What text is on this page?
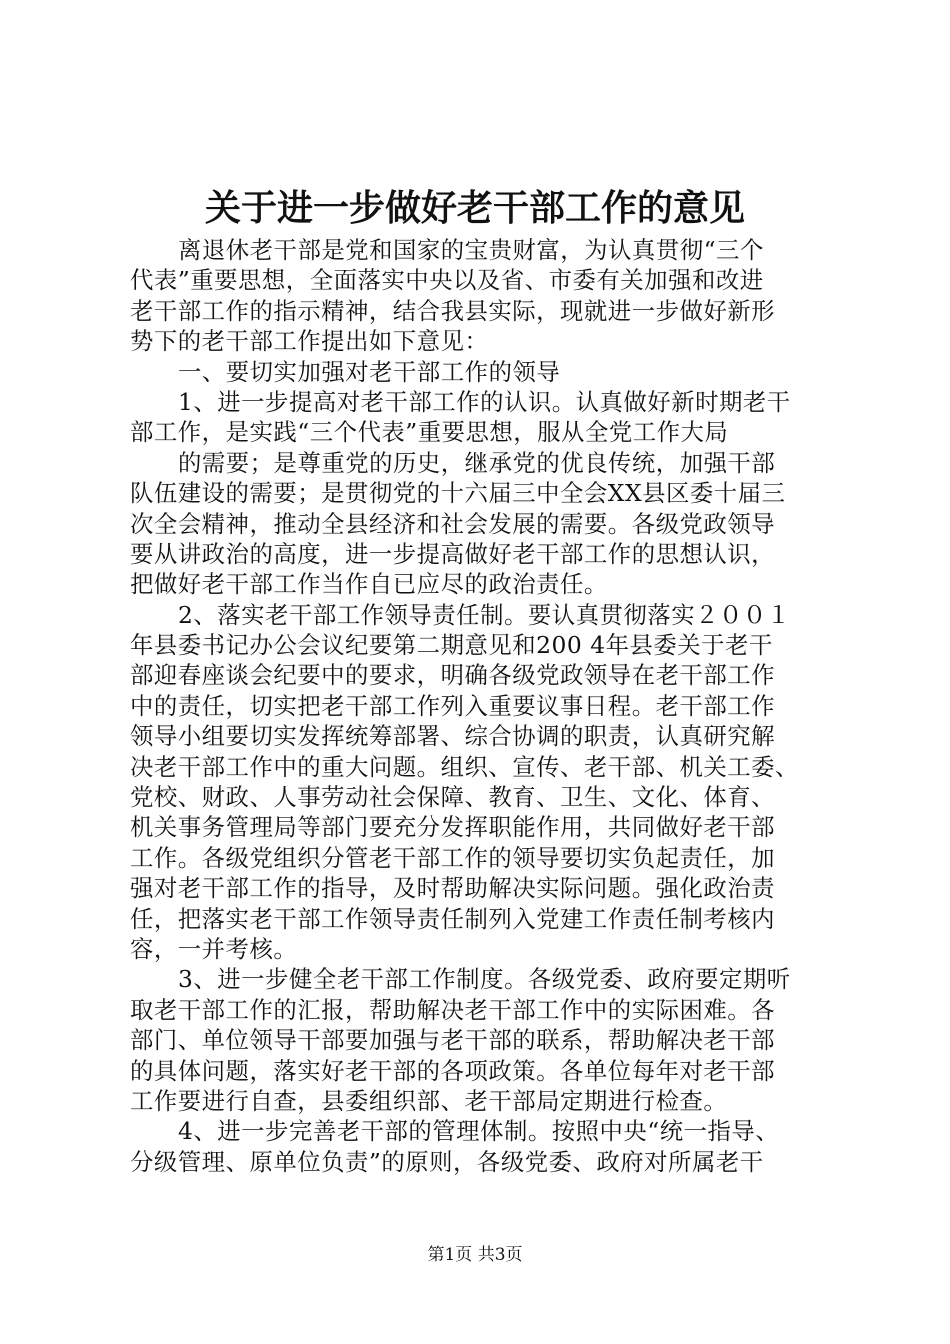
关于进一步做好老干部工作的意见
离退休老干部是党和国家的宝贵财富，为认真贯彻“三个
代表”重要思想，全面落实中央以及省、市委有关加强和改进
老干部工作的指示精神，结合我县实际，现就进一步做好新形
势下的老干部工作提出如下意见：
一、要切实加强对老干部工作的领导
1、进一步提高对老干部工作的认识。认真做好新时期老干
部工作，是实践“三个代表”重要思想，服从全党工作大局
的需要；是尊重党的历史，继承党的优良传统，加强干部
队伍建设的需要；是贯彻党的十六届三中全会XX县区委十届三
次全会精神，推动全县经济和社会发展的需要。各级党政领导
要从讲政治的高度，进一步提高做好老干部工作的思想认识，
把做好老干部工作当作自已应尽的政治责任。
2、落实老干部工作领导责任制。要认真贯彻落实２００１
年县委书记办公会议纪要第二期意见和200 4年县委关于老干
部迎春座谈会纪要中的要求，明确各级党政领导在老干部工作
中的责任，切实把老干部工作列入重要议事日程。老干部工作
领导小组要切实发挥统筹部署、综合协调的职责，认真研究解
决老干部工作中的重大问题。组织、宣传、老干部、机关工委、
党校、财政、人事劳动社会保障、教育、卫生、文化、体育、
机关事务管理局等部门要充分发挥职能作用，共同做好老干部
工作。各级党组织分管老干部工作的领导要切实负起责任，加
强对老干部工作的指导，及时帮助解决实际问题。强化政治责
任，把落实老干部工作领导责任制列入党建工作责任制考核内
容，一并考核。
3、进一步健全老干部工作制度。各级党委、政府要定期听
取老干部工作的汇报，帮助解决老干部工作中的实际困难。各
部门、单位领导干部要加强与老干部的联系，帮助解决老干部
的具体问题，落实好老干部的各项政策。各单位每年对老干部
工作要进行自查，县委组织部、老干部局定期进行检查。
4、进一步完善老干部的管理体制。按照中央“统一指导、
分级管理、原单位负责”的原则，各级党委、政府对所属老干
第1页 共3页
